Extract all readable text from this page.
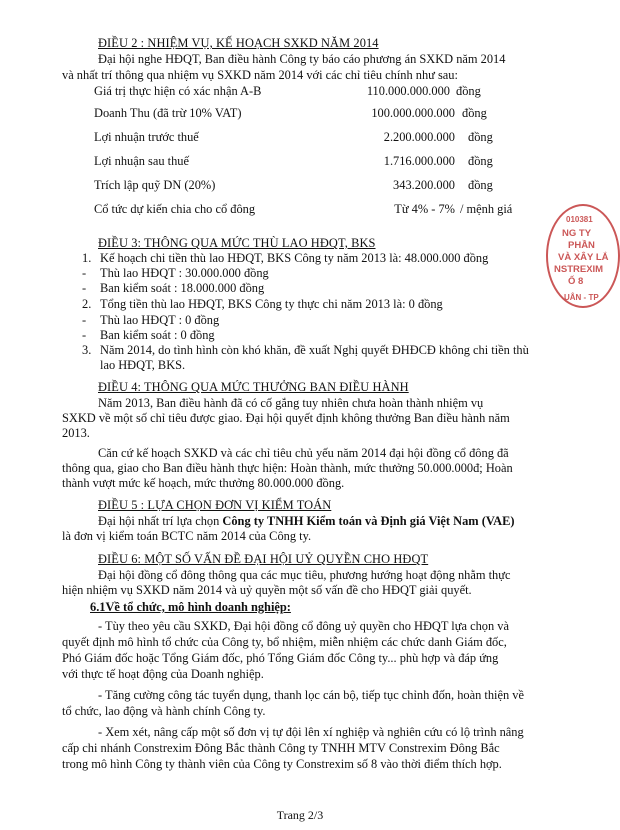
ĐIỀU 2 : NHIỆM VỤ, KẾ HOẠCH SXKD NĂM 2014
Đại hội nghe HĐQT, Ban điều hành Công ty báo cáo phương án SXKD năm 2014
và nhất trí thông qua nhiệm vụ SXKD năm 2014 với các chỉ tiêu chính như sau:
Giá trị thực hiện có xác nhận A-B	110.000.000.000 đồng
Doanh Thu (đã trừ 10% VAT)	100.000.000.000 đồng
Lợi nhuận trước thuế	2.200.000.000 đồng
Lợi nhuận sau thuế	1.716.000.000 đồng
Trích lập quỹ DN (20%)	343.200.000 đồng
Cổ tức dự kiến chia cho cổ đông	Từ 4% - 7% / mệnh giá
ĐIỀU 3: THÔNG QUA MỨC THÙ LAO HĐQT, BKS
1. Kế hoạch chi tiền thù lao HĐQT, BKS Công ty năm 2013 là: 48.000.000 đồng
- Thù lao HĐQT : 30.000.000 đồng
- Ban kiểm soát : 18.000.000 đồng
2. Tổng tiền thù lao HĐQT, BKS Công ty thực chi năm 2013 là: 0 đồng
- Thù lao HĐQT : 0 đồng
- Ban kiểm soát : 0 đồng
3. Năm 2014, do tình hình còn khó khăn, đề xuất Nghị quyết ĐHĐCĐ không chi tiền thù
lao HĐQT, BKS.
ĐIỀU 4: THÔNG QUA MỨC THƯỞNG BAN ĐIỀU HÀNH
Năm 2013, Ban điều hành đã có cố gắng tuy nhiên chưa hoàn thành nhiệm vụ
SXKD về một số chỉ tiêu được giao. Đại hội quyết định không thưởng Ban điều hành năm
2013.
Căn cứ kế hoạch SXKD và các chỉ tiêu chủ yếu năm 2014 đại hội đồng cổ đông đã
thông qua, giao cho Ban điều hành thực hiện: Hoàn thành, mức thưởng 50.000.000đ; Hoàn
thành vượt mức kế hoạch, mức thưởng 80.000.000 đồng.
ĐIỀU 5 : LỰA CHỌN ĐƠN VỊ KIỂM TOÁN
Đại hội nhất trí lựa chọn Công ty TNHH Kiểm toán và Định giá Việt Nam (VAE)
là đơn vị kiểm toán BCTC năm 2014 của Công ty.
ĐIỀU 6: MỘT SỐ VẤN ĐỀ ĐẠI HỘI UỶ QUYỀN CHO HĐQT
Đại hội đồng cổ đông thông qua các mục tiêu, phương hướng hoạt động nhằm thực
hiện nhiệm vụ SXKD năm 2014 và uỷ quyền một số vấn đề cho HĐQT giải quyết.
6.1Về tổ chức, mô hình doanh nghiệp:
- Tùy theo yêu cầu SXKD, Đại hội đồng cổ đông uỷ quyền cho HĐQT lựa chọn và
quyết định mô hình tổ chức của Công ty, bổ nhiệm, miễn nhiệm các chức danh Giám đốc,
Phó Giám đốc hoặc Tổng Giám đốc, phó Tổng Giám đốc Công ty... phù hợp và đáp ứng
với thực tế hoạt động của Doanh nghiệp.
- Tăng cường công tác tuyển dụng, thanh lọc cán bộ, tiếp tục chỉnh đốn, hoàn thiện về
tổ chức, lao động và hành chính Công ty.
- Xem xét, nâng cấp một số đơn vị tự đội lên xí nghiệp và nghiên cứu có lộ trình nâng
cấp chi nhánh Constrexim Đông Bắc thành Công ty TNHH MTV Constrexim Đông Bắc
trong mô hình Công ty thành viên của Công ty Constrexim số 8 vào thời điểm thích hợp.
010381
NG TY
PHẦN
VÀ XÂY LẮ
NSTREXIM
Ố 8
UÂN - TP
Trang 2/3
